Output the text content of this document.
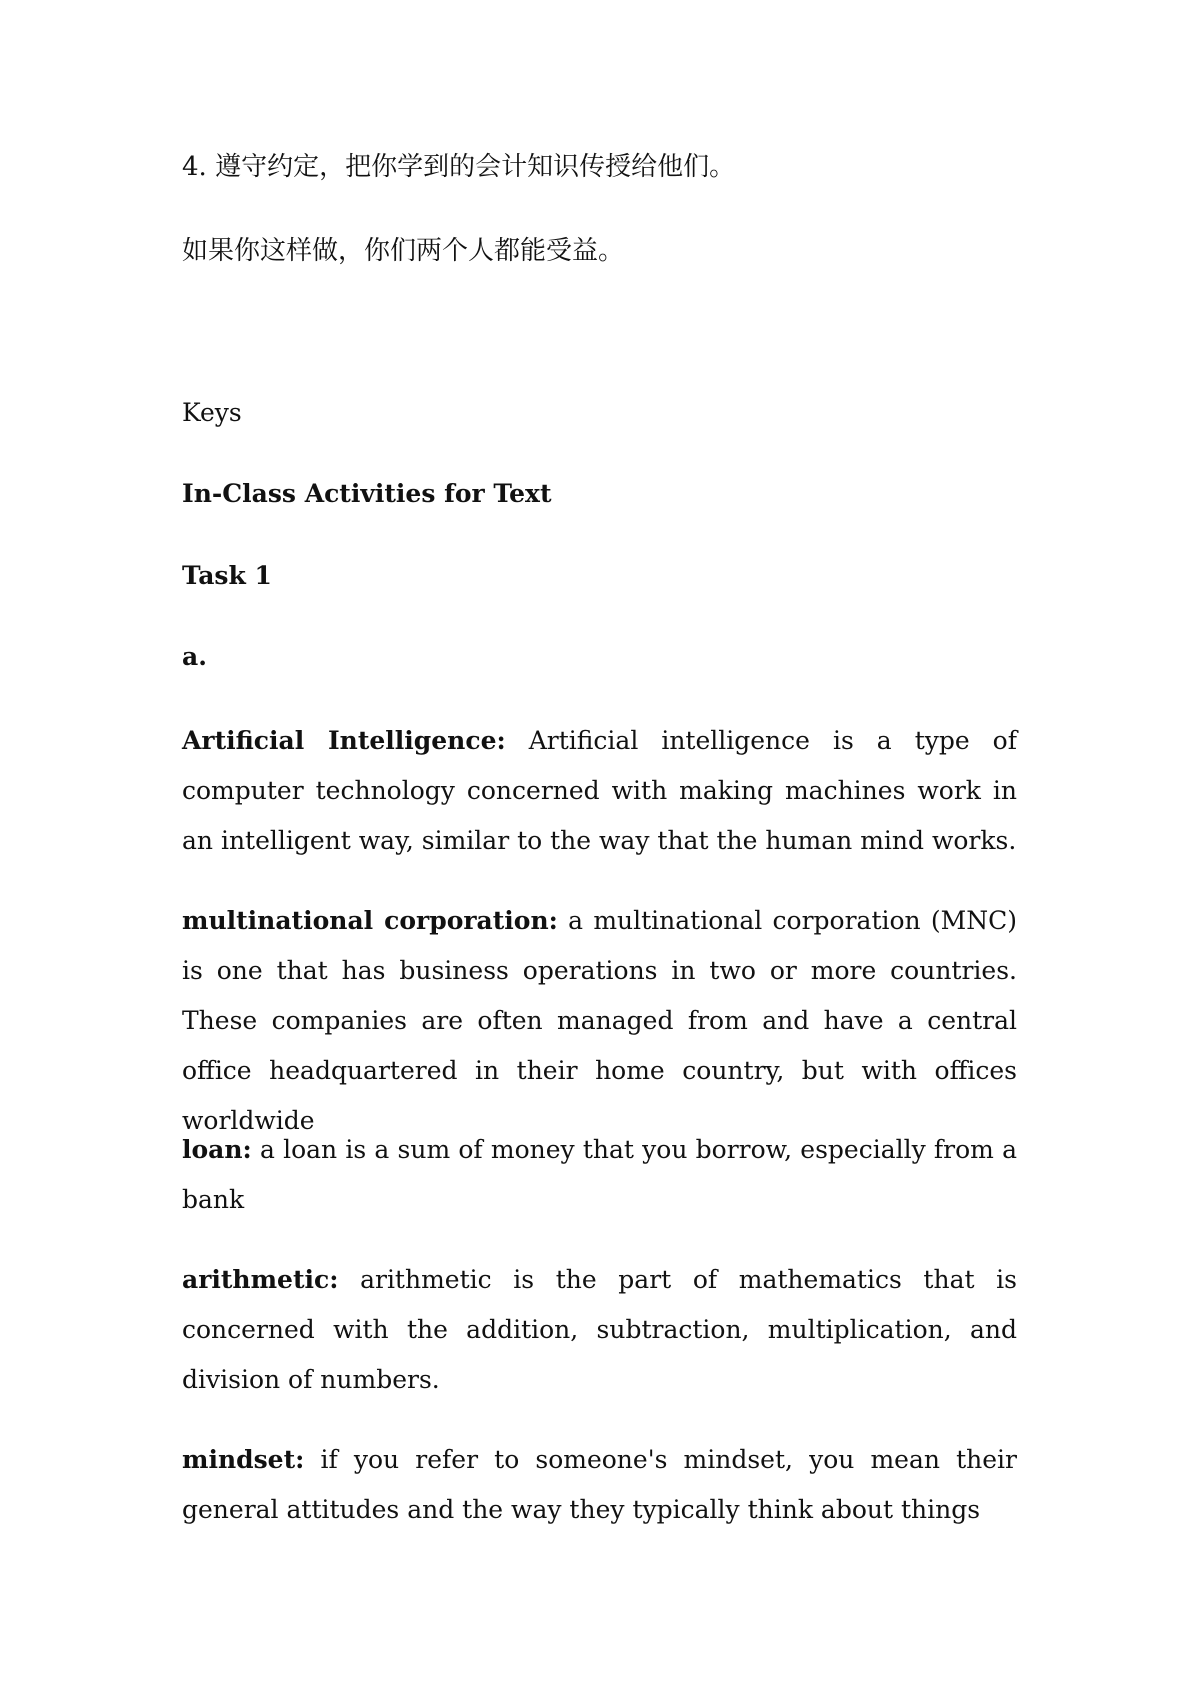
4. 遵守约定，把你学到的会计知识传授给他们。
如果你这样做，你们两个人都能受益。
Keys
In-Class Activities for Text
Task 1
a.
Artificial Intelligence: Artificial intelligence is a type of computer technology concerned with making machines work in an intelligent way, similar to the way that the human mind works.
multinational corporation: a multinational corporation (MNC) is one that has business operations in two or more countries. These companies are often managed from and have a central office headquartered in their home country, but with offices worldwide
loan: a loan is a sum of money that you borrow, especially from a bank
arithmetic: arithmetic is the part of mathematics that is concerned with the addition, subtraction, multiplication, and division of numbers.
mindset: if you refer to someone's mindset, you mean their general attitudes and the way they typically think about things
